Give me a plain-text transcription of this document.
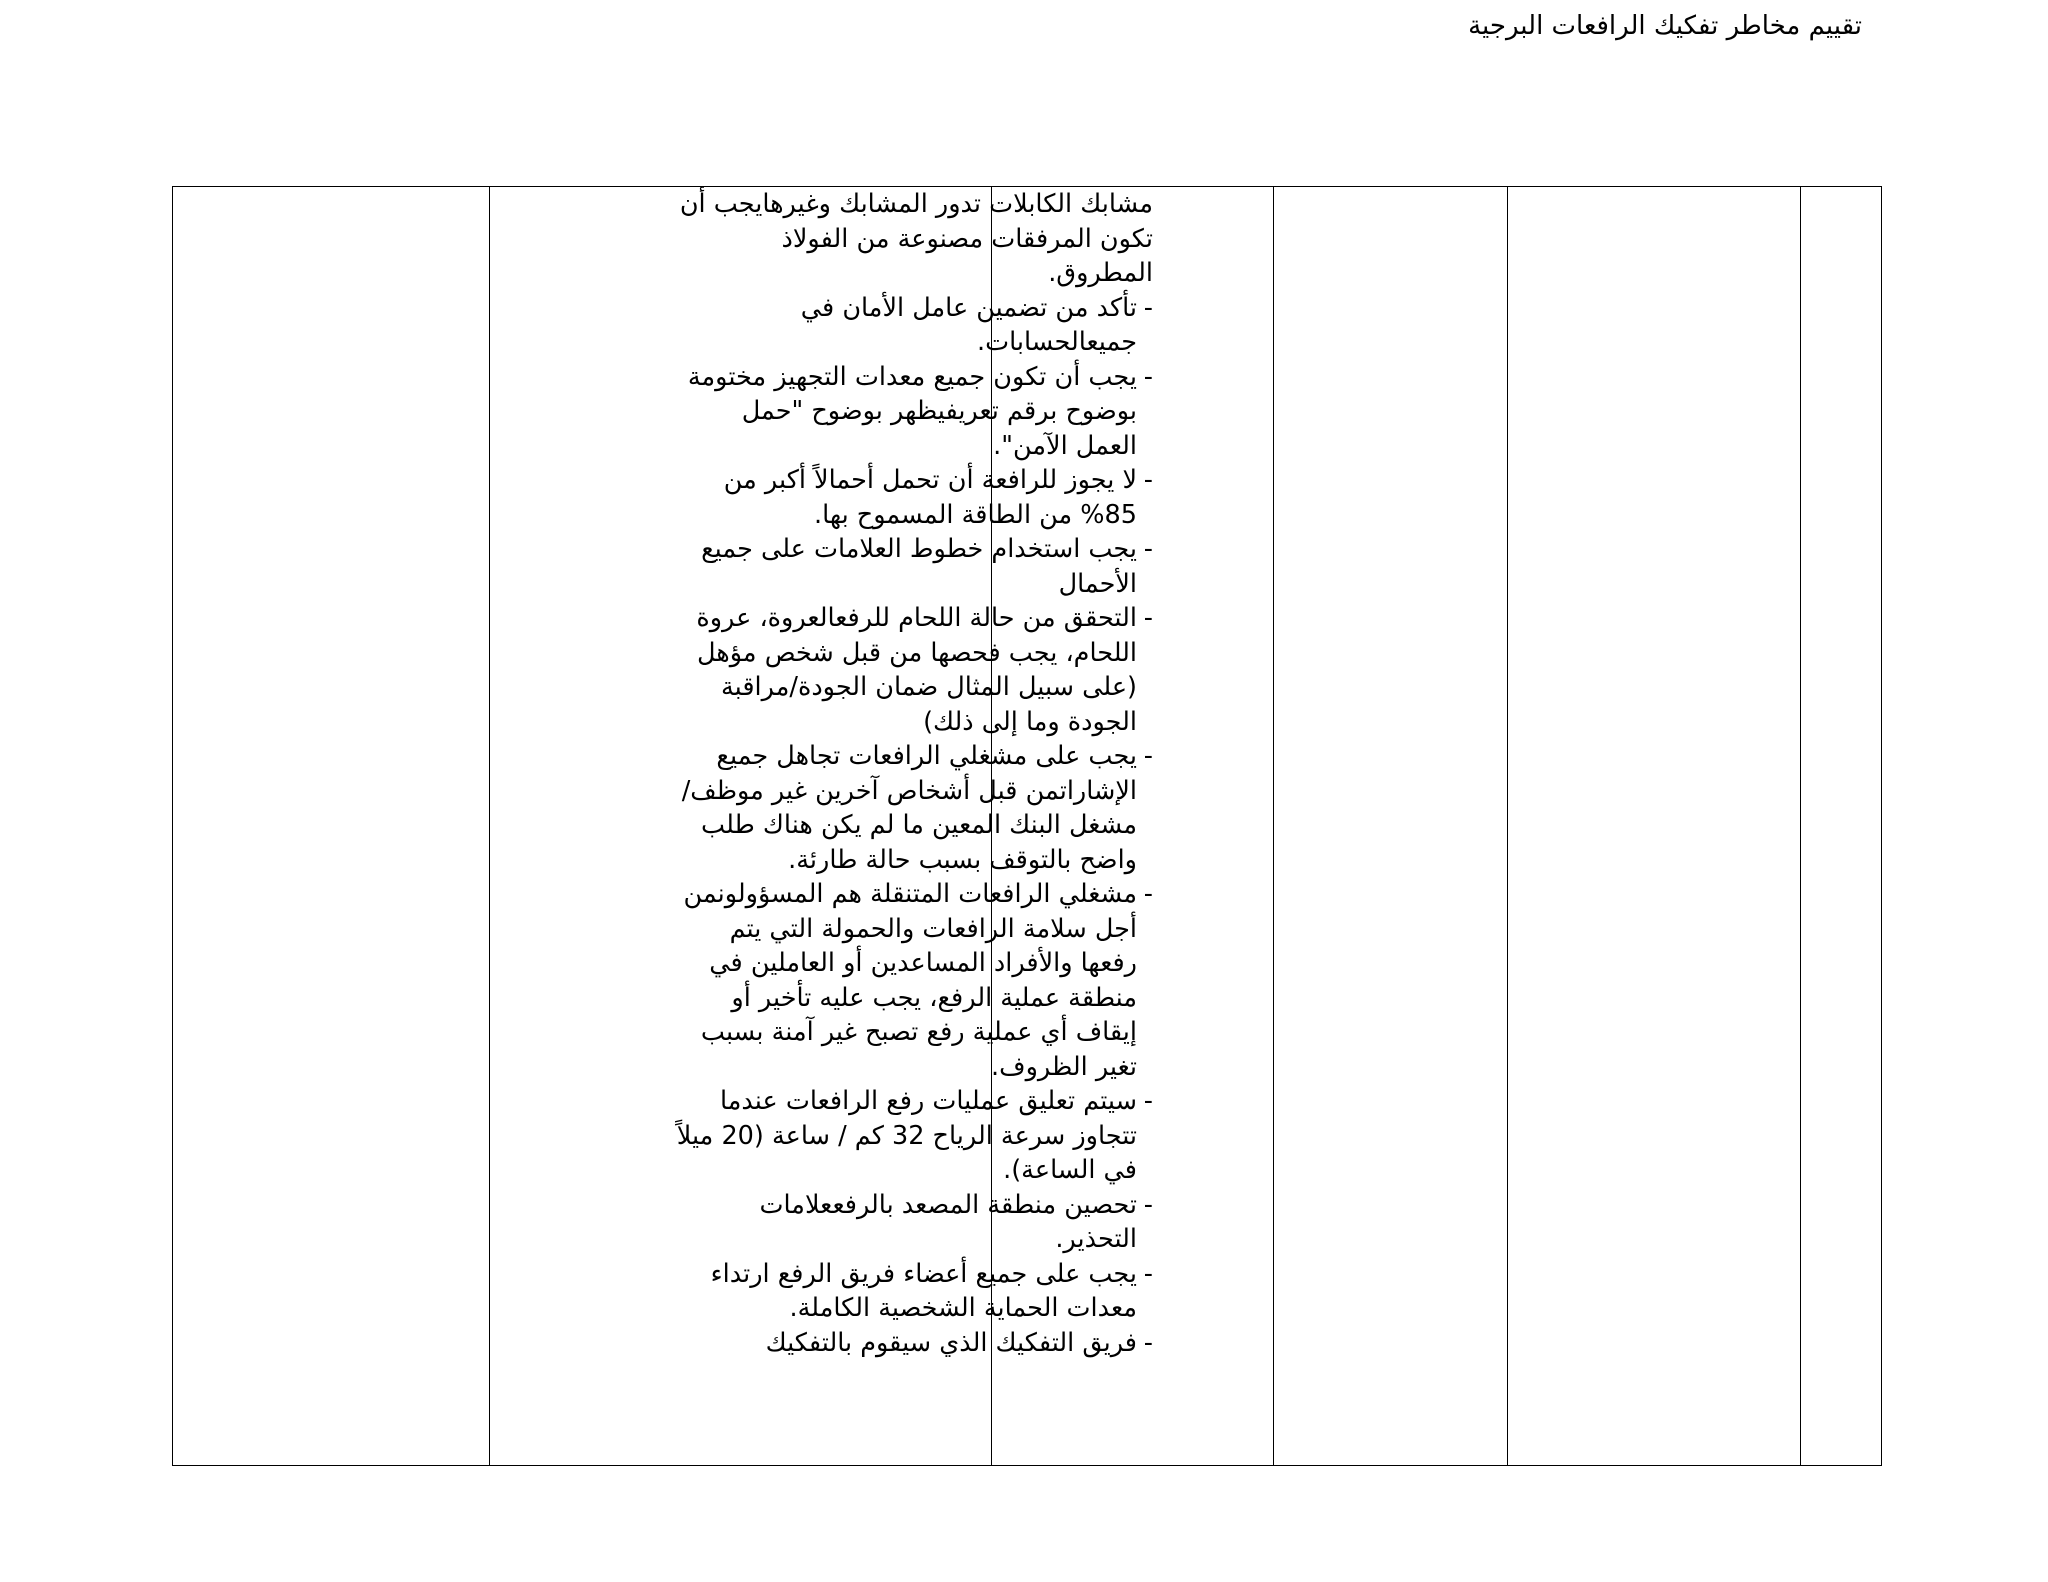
تقييم مخاطر تفكيك الرافعات البرجية
مشابك الكابلات تدور المشابك وغيرهايجب أن تكون المرفقات مصنوعة من الفولاذ المطروق.
-
تأكد من تضمين عامل الأمان في جميعالحسابات.
-
يجب أن تكون جميع معدات التجهيز مختومة بوضوح برقم تعريفيظهر بوضوح "حمل العمل الآمن".
-
لا يجوز للرافعة أن تحمل أحمالاً أكبر من 85% من الطاقة المسموح بها.
-
يجب استخدام خطوط العلامات على جميع الأحمال
-
التحقق من حالة اللحام للرفعالعروة، عروة اللحام، يجب فحصها من قبل شخص مؤهل (على سبيل المثال ضمان الجودة/مراقبة الجودة وما إلى ذلك)
-
يجب على مشغلي الرافعات تجاهل جميع الإشاراتمن قبل أشخاص آخرين غير موظف/مشغل البنك المعين ما لم يكن هناك طلب واضح بالتوقف بسبب حالة طارئة.
-
مشغلي الرافعات المتنقلة هم المسؤولونمن أجل سلامة الرافعات والحمولة التي يتم رفعها والأفراد المساعدين أو العاملين في منطقة عملية الرفع، يجب عليه تأخير أو إيقاف أي عملية رفع تصبح غير آمنة بسبب تغير الظروف.
-
سيتم تعليق عمليات رفع الرافعات عندما تتجاوز سرعة الرياح 32 كم / ساعة (20 ميلاً في الساعة).
-
تحصين منطقة المصعد بالرفععلامات التحذير.
-
يجب على جميع أعضاء فريق الرفع ارتداء معدات الحماية الشخصية الكاملة.
-
فريق التفكيك الذي سيقوم بالتفكيك
